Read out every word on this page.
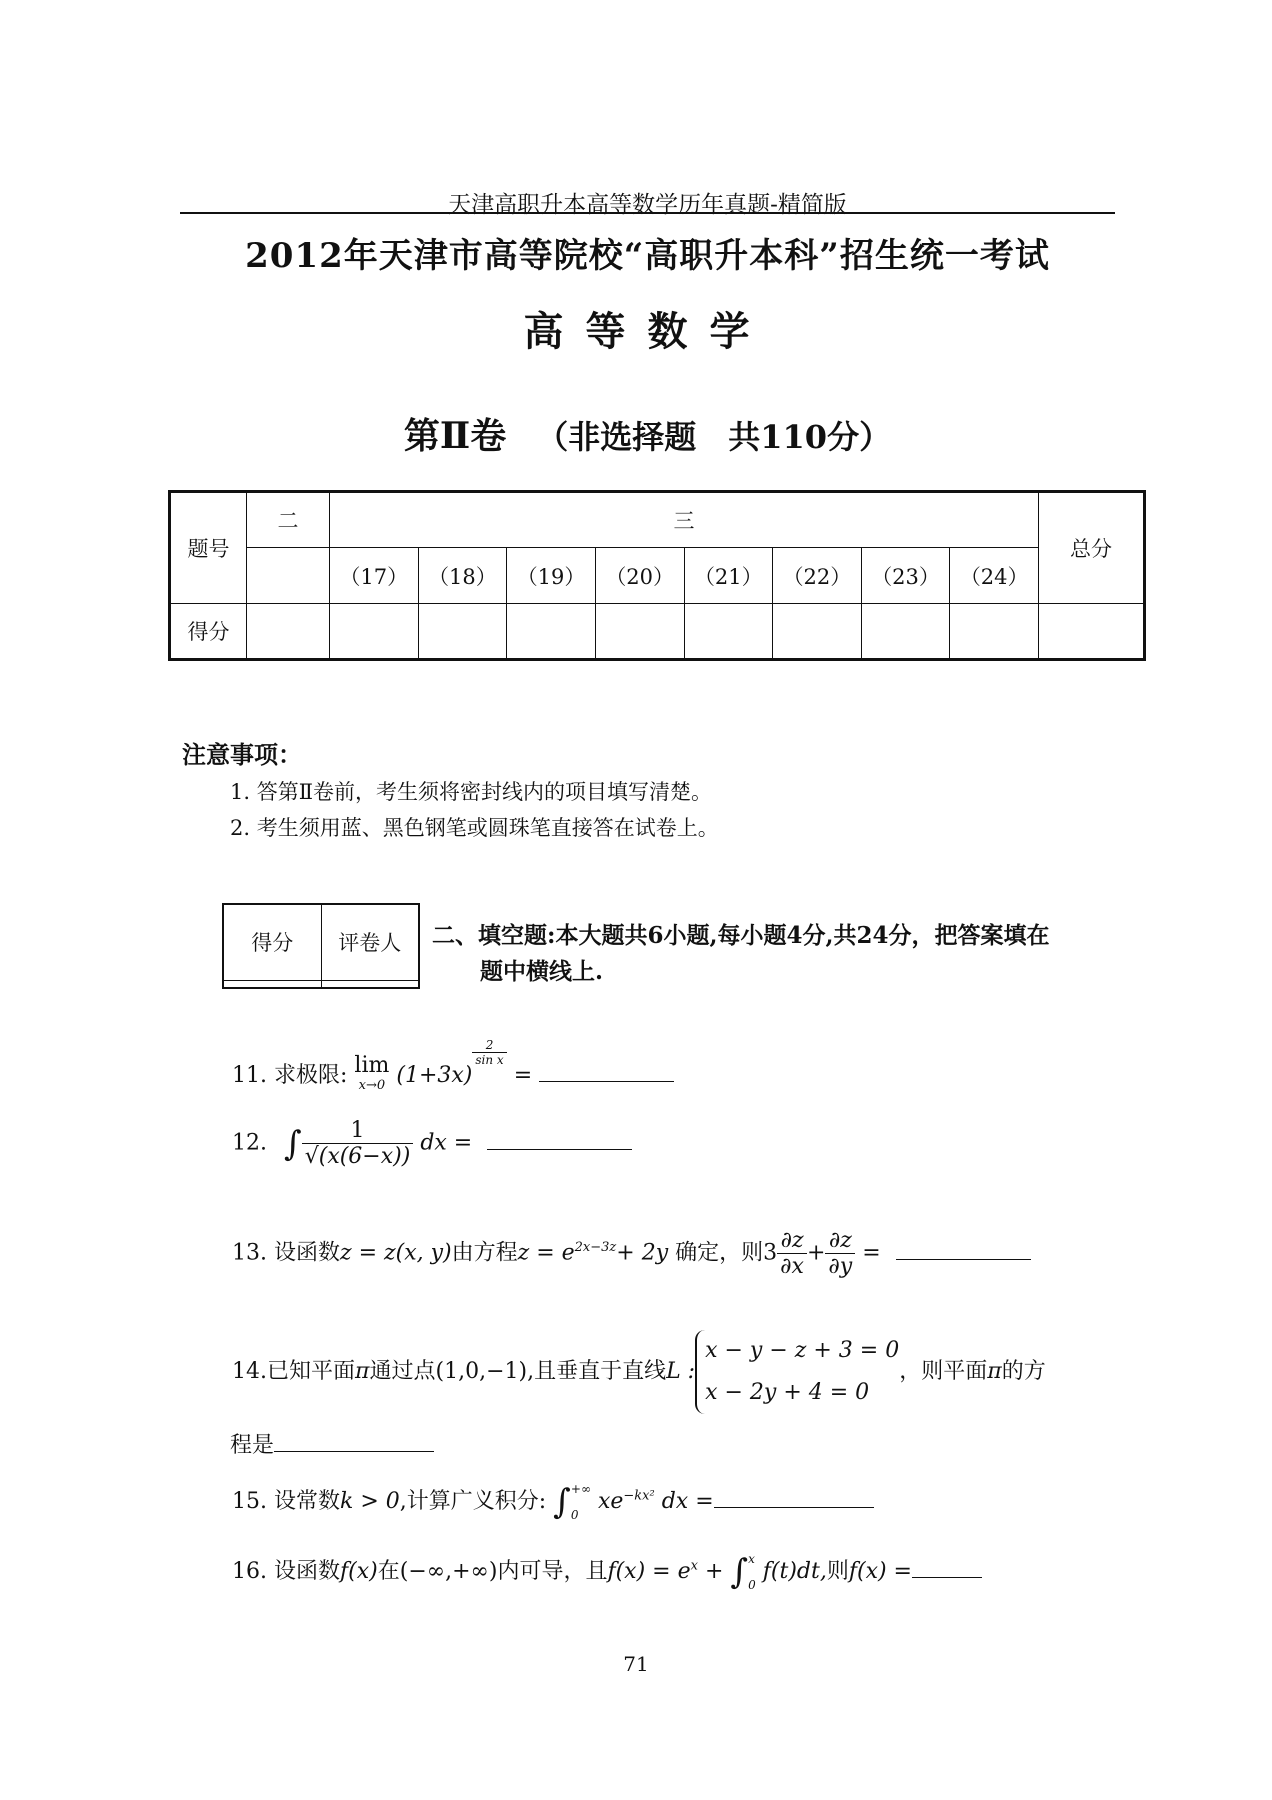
天津高职升本高等数学历年真题-精简版
2012年天津市高等院校“高职升本科”招生统一考试
高等数学
第Ⅱ卷 （非选择题　共110分）
题号	二	三								总分
		（17）	（18）	（19）	（20）	（21）	（22）	（23）	（24）	
得分										
注意事项：
1. 答第Ⅱ卷前，考生须将密封线内的项目填写清楚。
2. 考生须用蓝、黑色钢笔或圆珠笔直接答在试卷上。
得分	评卷人
	二、填空题:本大题共6小题,每小题4分,共24分，把答案填在
题中横线上.
11. 求极限: lim
x→0 (1+3x)
$\frac{2}{\text{sin x}}$
=
12. ∫ $\frac{1}{√(x(6-x))}$ dx =
13. 设函数z = z(x, y)由方程$z = e^{2x-3z}+ 2y$ 确定，则$3 \frac{\partial z}{\partial x} + \frac{\partial z}{\partial y}$ =
14.已知平面π通过点(1,0,−1),且垂直于直线L :
x − y − z + 3 = 0
x − 2y + 4 = 0
，则平面π的方
程是
15. 设常数k > 0,计算广义积分: ∫ +∞
0
$xe^{-kx^2}$ dx =
16. 设函数f(x)在(−∞,+∞)内可导，且$f(x) = e^x$ + ∫ x
0
f(t)dt,则f(x) =
71
